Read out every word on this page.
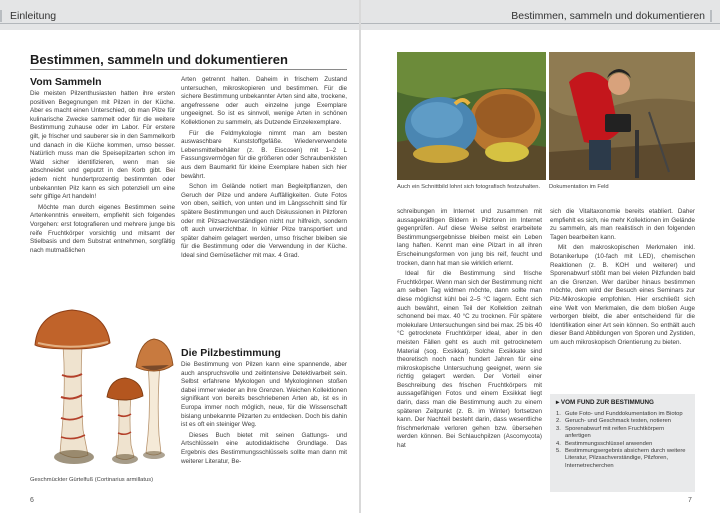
Einleitung	Bestimmen, sammeln und dokumentieren
Bestimmen, sammeln und dokumentieren
Vom Sammeln

Die meisten Pilzenthusiasten hatten ihre ersten positiven Begegnungen mit Pilzen in der Küche. Aber es macht einen Unterschied, ob man Pilze für kulinarische Zwecke sammelt oder für die weitere Bestimmung zuhause oder im Labor. Für erstere gilt, je frischer und sauberer sie in den Sammelkorb und danach in die Küche kommen, umso besser. Natürlich muss man die Speisepilzarten schon im Wald sicher identifizieren, wenn man sie abschneidet und geputzt in den Korb gibt. Bei jedem nicht hundertprozentig bestimmten oder unbekannten Pilz kann es sich potenziell um eine sehr giftige Art handeln!

Möchte man durch eigenes Bestimmen seine Artenkenntnis erweitern, empfiehlt sich folgendes Vorgehen: erst fotografieren und mehrere junge bis reife Fruchtkörper vorsichtig und mitsamt der Stielbasis und dem Substrat entnehmen, sorgfältig nach mutmaßlichen

Geschmückter Gürtelfuß (Cortinarius armillatus)

Arten getrennt halten. Daheim in frischem Zustand untersuchen, mikroskopieren und bestimmen. Für die sichere Bestimmung unbekannter Arten sind alte, trockene, angefressene oder auch einzelne junge Exemplare ungeeignet. So ist es sinnvoll, wenige Arten in schönen Kollektionen zu sammeln, als Dutzende Einzelexemplare.

Für die Feldmykologie nimmt man am besten auswaschbare Kunststoffgefäße. Wiederverwendete Lebensmittelbehälter (z. B. Eiscosen) mit 1–2 L Fassungsvermögen für die größeren oder Schraubenkisten aus dem Baumarkt für kleine Exemplare haben sich hier bewährt.

Schon im Gelände notiert man Begleitpflanzen, den Geruch der Pilze und andere Auffälligkeiten. Gute Fotos von oben, seitlich, von unten und im Längsschnitt sind für spätere Bestimmungen und auch Diskussionen in Pilzforen oder mit Pilzsachverständigen nicht nur hilfreich, sondern oft auch unverzichtbar. In kühler Pilze transportiert und später daheim gelagert werden, umso frischer bleiben sie für die Bestimmung oder die Verwendung in der Küche. Ideal sind Gemüsefächer mit max. 4 Grad.

Die Pilzbestimmung

Die Bestimmung von Pilzen kann eine spannende, aber auch anspruchsvolle und zeitintensive Detektivarbeit sein. Selbst erfahrene Mykologen und Mykologinnen stoßen dabei immer wieder an ihre Grenzen. Weichen Kollektionen signifikant von bereits beschriebenen Arten ab, ist es in Europa immer noch möglich, neue, für die Wissenschaft bislang unbekannte Pilzarten zu entdecken. Doch bis dahin ist es oft ein steiniger Weg.

Dieses Buch bietet mit seinen Gattungs- und Artschlüsseln eine autodidaktische Grundlage. Das Ergebnis des Bestimmungsschlüssels sollte man dann mit weiterer Literatur, Be-

Auch ein Schnittbild lohnt sich fotografisch festzuhalten. Dokumentation im Feld

schreibungen im Internet und zusammen mit aussagekräftigen Bildern in Pilzforen im Internet gegenprüfen. Auf diese Weise selbst erarbeitete Bestimmungsergebnisse bleiben meist ein Leben lang haften. Kennt man eine Pilzart in all ihren Erscheinungsformen von jung bis reif, feucht und trocken, dann hat man sie wirklich erlernt.

Ideal für die Bestimmung sind frische Fruchtkörper. Wenn man sich der Bestimmung nicht am selben Tag widmen möchte, dann sollte man diese möglichst kühl bei 2–5 °C lagern. Echt sich auch bewährt, einen Teil der Kollektion zeitnah schonend bei max. 40 °C zu trocknen. Für spätere molekulare Untersuchungen sind bei max. 25 bis 40 °C getrocknete Fruchtkörper ideal, aber in den meisten Fällen geht es auch mit getrocknetem Material (sog. Exsikkat). Solche Exsikkate sind theoretisch noch nach hundert Jahren für eine mikroskopische Untersuchung geeignet, wenn sie richtig gelagert werden. Der Vorteil einer Beschreibung des frischen Fruchtkörpers mit aussagefähigen Fotos und einem Exsikkat liegt darin, dass man die Bestimmung auch zu einem späteren Zeitpunkt (z. B. im Winter) fortsetzen kann. Der Nachteil besteht darin, dass wesentliche frischmerkmale verloren gehen bzw. übersehen werden können. Bei Schlauchpilzen (Ascomycota) hat

sich die Vitaltaxonomie bereits etabliert. Daher empfiehlt es sich, nie mehr Kollektionen im Gelände zu sammeln, als man realistisch in den folgenden Tagen bearbeiten kann.

Mit den makroskopischen Merkmalen inkl. Botanikerlupe (10-fach mit LED), chemischen Reaktionen (z. B. KOH und weiterer) und Sporenabwurf stößt man bei vielen Pilzfunden bald an die Grenzen. Wer darüber hinaus bestimmen möchte, dem wird der Besuch eines Seminars zur Pilz-Mikroskopie empfohlen. Hier erschließt sich eine Welt von Merkmalen, die dem bloßen Auge verborgen bleibt, die aber entscheidend für die Identifikation einer Art sein können. So enthält auch dieser Band Abbildungen von Sporen und Zystiden, um auch mikroskopisch Orientierung zu bieten.

▸ VOM FUND ZUR BESTIMMUNG
1. Gute Foto- und Funddokumentation im Biotop
2. Geruch- und Geschmack testen, notieren
3. Sporenabwurf mit reifen Fruchtkörpern anfertigen
4. Bestimmungsschlüssel anwenden
5. Bestimmungsergebnis absichern durch weitere Literatur, Pilzsachverständige, Pilzforen, Internetrecherchen
6	7
